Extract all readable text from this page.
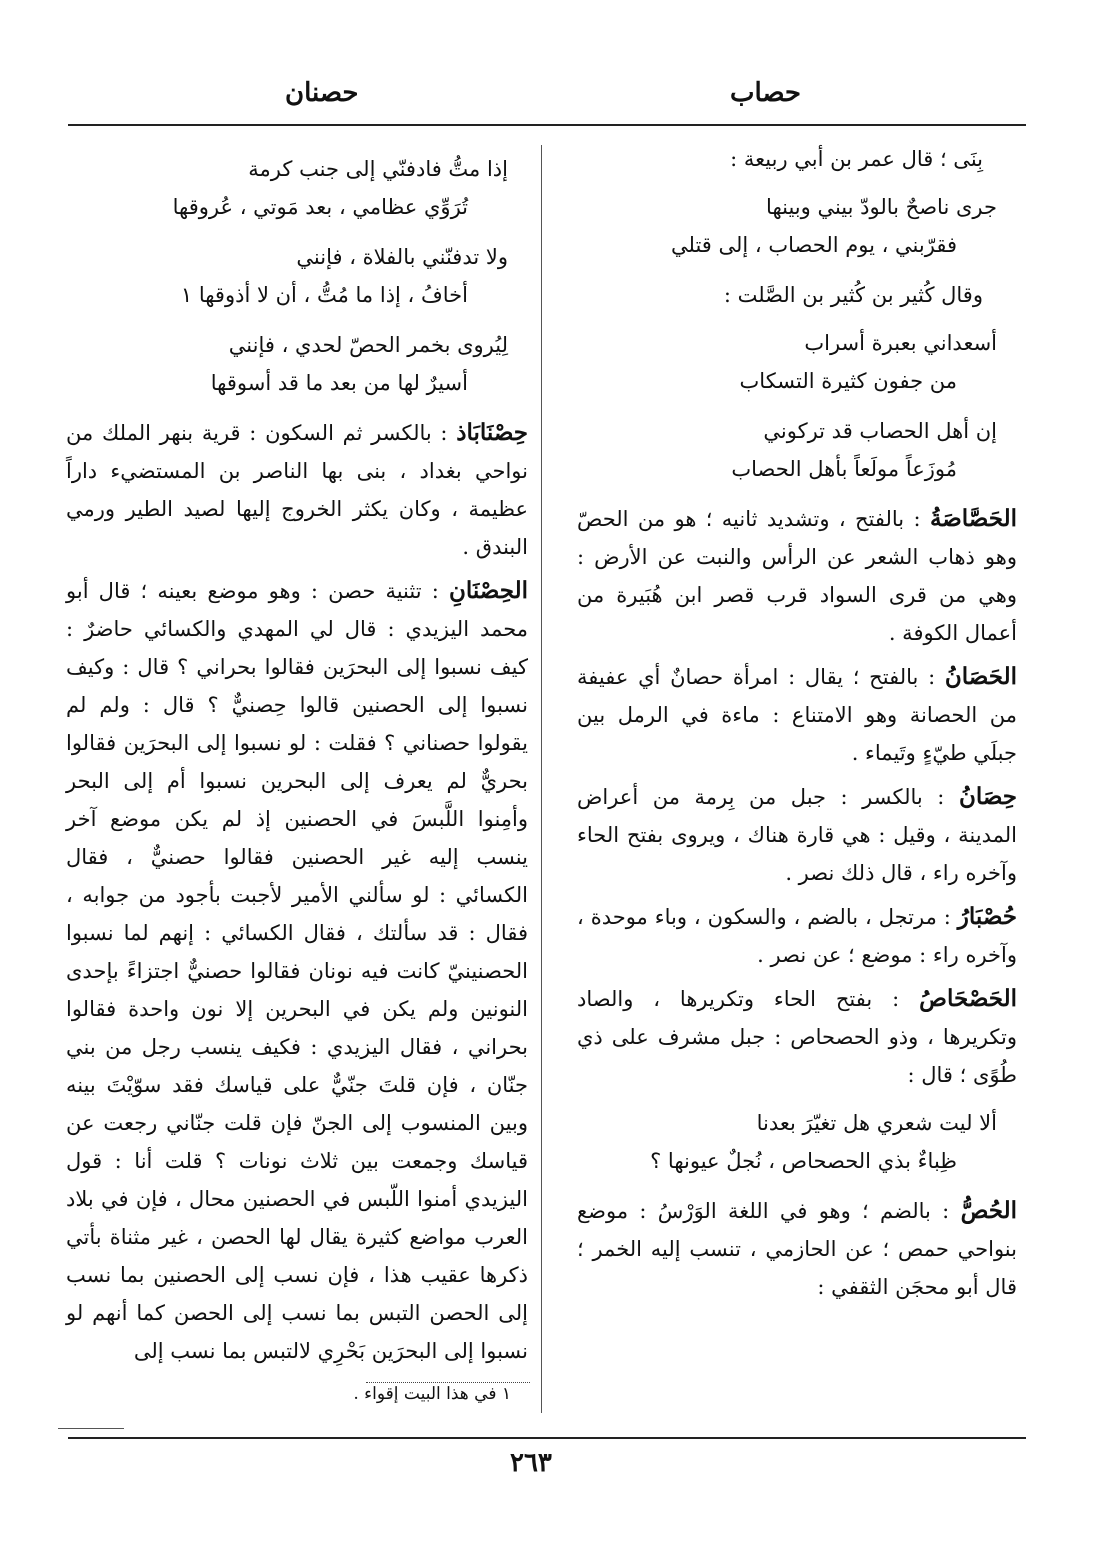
حصاب
حصنان

بِنَى ؛ قال عمر بن أبي ربيعة :

جرى ناصحٌ بالودّ بيني وبينها
فقرّبني ، يوم الحصاب ، إلى قتلي

وقال كُثير بن كُثير بن الصَّلت :

أسعداني بعبرة أسراب
من جفون كثيرة التسكاب
إن أهل الحصاب قد تركوني
مُوزَعاً مولَعاً بأهل الحصاب

الحَصَّاصَةُ : بالفتح ، وتشديد ثانيه ؛ هو من الحصّ وهو ذهاب الشعر عن الرأس والنبت عن الأرض : وهي من قرى السواد قرب قصر ابن هُبَيرة من أعمال الكوفة .

الحَصَانُ : بالفتح ؛ يقال : امرأة حصانٌ أي عفيفة من الحصانة وهو الامتناع : ماءة في الرمل بين جبلَي طيّءٍ وتَيماء .

حِصَانُ : بالكسر : جبل من بِرمة من أعراض المدينة ، وقيل : هي قارة هناك ، ويروى بفتح الحاء وآخره راء ، قال ذلك نصر .

حُصْبَارُ : مرتجل ، بالضم ، والسكون ، وباء موحدة ، وآخره راء : موضع ؛ عن نصر .

الحَصْحَاصُ : بفتح الحاء وتكريرها ، والصاد وتكريرها ، وذو الحصحاص : جبل مشرف على ذي طُوًى ؛ قال :

ألا ليت شعري هل تغيّرَ بعدنا
ظِباءٌ بذي الحصحاص ، نُجلٌ عيونها ؟

الحُصُّ : بالضم ؛ وهو في اللغة الوَرْسُ : موضع بنواحي حمص ؛ عن الحازمي ، تنسب إليه الخمر ؛ قال أبو محجَن الثقفي :

إذا متُّ فادفنّي إلى جنب كرمة
تُرَوِّي عظامي ، بعد مَوتي ، عُروقها
ولا تدفنّني بالفلاة ، فإنني
أخافُ ، إذا ما مُتُّ ، أن لا أذوقها ١
لِيُروى بخمر الحصّ لحدي ، فإنني
أسيرٌ لها من بعد ما قد أسوقها

حِصْنَابَاذ : بالكسر ثم السكون : قرية بنهر الملك من نواحي بغداد ، بنى بها الناصر بن المستضيء داراً عظيمة ، وكان يكثر الخروج إليها لصيد الطير ورمي البندق .

الحِصْنَانِ : تثنية حصن : وهو موضع بعينه ؛ قال أبو محمد اليزيدي : قال لي المهدي والكسائي حاضرٌ : كيف نسبوا إلى البحرَين فقالوا بحراني ؟ قال : وكيف نسبوا إلى الحصنين قالوا حِصنيٌّ ؟ قال : ولم لم يقولوا حصناني ؟ فقلت : لو نسبوا إلى البحرَين فقالوا بحريٌّ لم يعرف إلى البحرين نسبوا أم إلى البحر وأمِنوا اللَّبسَ في الحصنين إذ لم يكن موضع آخر ينسب إليه غير الحصنين فقالوا حصنيٌّ ، فقال الكسائي : لو سألني الأمير لأجبت بأجود من جوابه ، فقال : قد سألتك ، فقال الكسائي : إنهم لما نسبوا الحصنينيّ كانت فيه نونان فقالوا حصنيٌّ اجتزاءً بإحدى النونين ولم يكن في البحرين إلا نون واحدة فقالوا بحراني ، فقال اليزيدي : فكيف ينسب رجل من بني جنّان ، فإن قلتَ جنّيٌّ على قياسك فقد سوّيْتَ بينه وبين المنسوب إلى الجنّ فإن قلت جنّاني رجعت عن قياسك وجمعت بين ثلاث نونات ؟ قلت أنا : قول اليزيدي أمنوا اللّبس في الحصنين محال ، فإن في بلاد العرب مواضع كثيرة يقال لها الحصن ، غير مثناة بأتي ذكرها عقيب هذا ، فإن نسب إلى الحصنين بما نسب إلى الحصن التبس بما نسب إلى الحصن كما أنهم لو نسبوا إلى البحرَين بَحْرِي لالتبس بما نسب إلى

١ في هذا البيت إقواء .
٢٦٣
